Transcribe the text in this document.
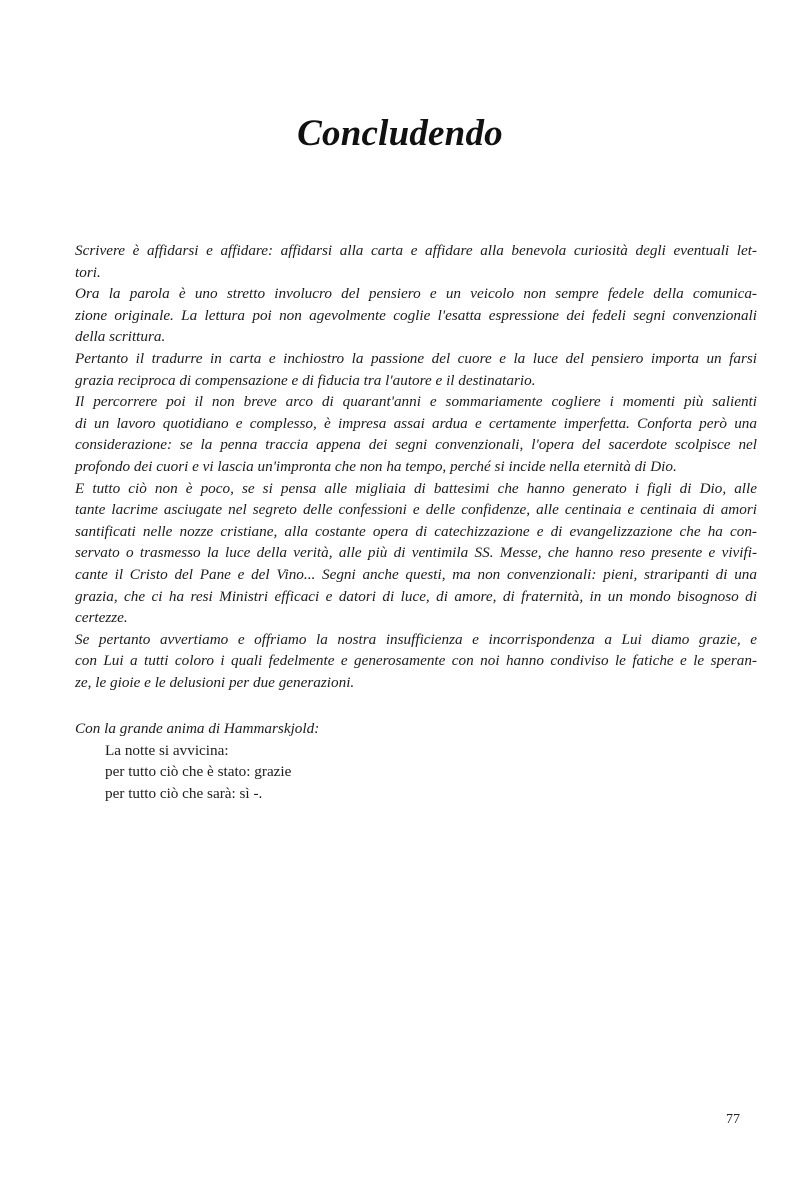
Concludendo

Scrivere è affidarsi e affidare: affidarsi alla carta e affidare alla benevola curiosità degli eventuali let-
tori.

Ora la parola è uno stretto involucro del pensiero e un veicolo non sempre fedele della comunica-
zione originale. La lettura poi non agevolmente coglie l'esatta espressione dei fedeli segni convenzionali
della scrittura.

Pertanto il tradurre in carta e inchiostro la passione del cuore e la luce del pensiero importa un farsi
grazia reciproca di compensazione e di fiducia tra l'autore e il destinatario.

Il percorrere poi il non breve arco di quarant'anni e sommariamente cogliere i momenti più salienti
di un lavoro quotidiano e complesso, è impresa assai ardua e certamente imperfetta. Conforta però una
considerazione: se la penna traccia appena dei segni convenzionali, l'opera del sacerdote scolpisce nel
profondo dei cuori e vi lascia un'impronta che non ha tempo, perché si incide nella eternità di Dio.

E tutto ciò non è poco, se si pensa alle migliaia di battesimi che hanno generato i figli di Dio, alle
tante lacrime asciugate nel segreto delle confessioni e delle confidenze, alle centinaia e centinaia di amori
santificati nelle nozze cristiane, alla costante opera di catechizzazione e di evangelizzazione che ha con-
servato o trasmesso la luce della verità, alle più di ventimila SS. Messe, che hanno reso presente e vivifi-
cante il Cristo del Pane e del Vino... Segni anche questi, ma non convenzionali: pieni, straripanti di una
grazia, che ci ha resi Ministri efficaci e datori di luce, di amore, di fraternità, in un mondo bisognoso di
certezze.

Se pertanto avvertiamo e offriamo la nostra insufficienza e incorrispondenza a Lui diamo grazie, e
con Lui a tutti coloro i quali fedelmente e generosamente con noi hanno condiviso le fatiche e le speran-
ze, le gioie e le delusioni per due generazioni.

Con la grande anima di Hammarskjold:

La notte si avvicina:

per tutto ciò che è stato: grazie

per tutto ciò che sarà: sì -.

77
